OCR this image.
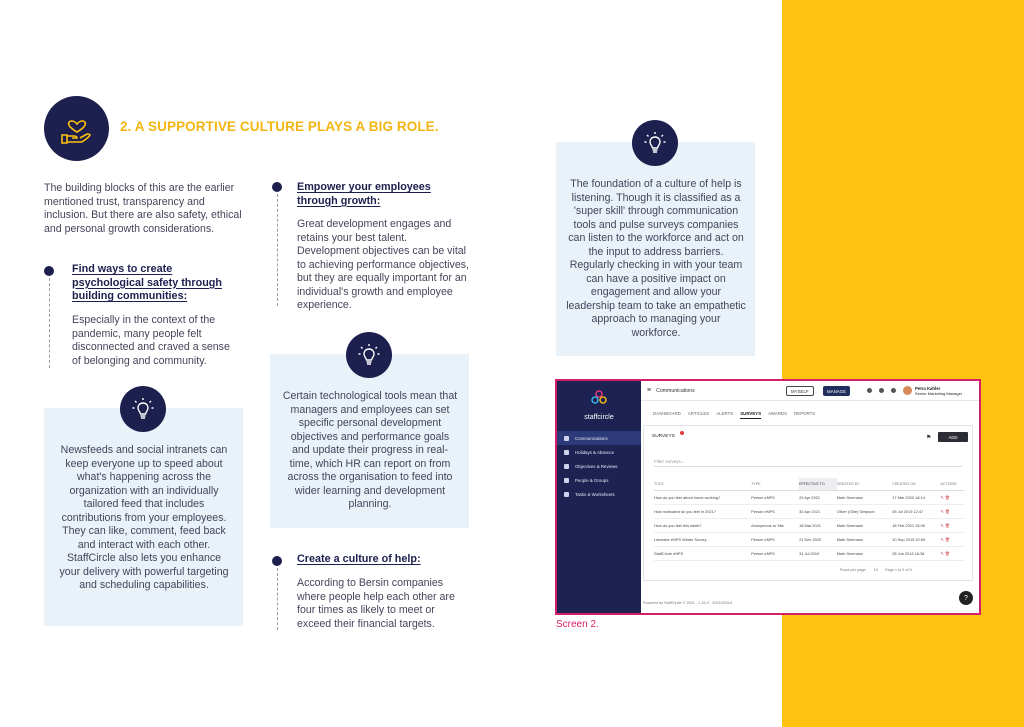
2. A SUPPORTIVE CULTURE PLAYS A BIG ROLE.
The building blocks of this are the earlier mentioned trust, transparency and inclusion. But there are also safety, ethical and personal growth considerations.
Find ways to create psychological safety through building communities:
Especially in the context of the pandemic, many people felt disconnected and craved a sense of belonging and community.
Empower your employees through growth:
Great development engages and retains your best talent. Development objectives can be vital to achieving performance objectives, but they are equally important for an individual's growth and employee experience.
Newsfeeds and social intranets can keep everyone up to speed about what's happening across the organization with an individually tailored feed that includes contributions from your employees. They can like, comment, feed back and interact with each other. StaffCircle also lets you enhance your delivery with powerful targeting and scheduling capabilities.
Certain technological tools mean that managers and employees can set specific personal development objectives and performance goals and update their progress in real-time, which HR can report on from across the organisation to feed into wider learning and development planning.
Create a culture of help:
According to Bersin companies where people help each other are four times as likely to meet or exceed their financial targets.
The foundation of a culture of help is listening. Though it is classified as a 'super skill' through communication tools and pulse surveys companies can listen to the workforce and act on the input to address barriers. Regularly checking in with your team can have a positive impact on engagement and allow your leadership team to take an empathetic approach to managing your workforce.
staffcircle
Communications
Holidays & Absence
Objectives & Reviews
People & Groups
Tasks & Worksheets
≡ Communications	MYSELF	MANAGE	Petra Kahler
Senior Marketing Manager
DASHBOARD ARTICLES ALERTS SURVEYS AWARDS REPORTS
SURVEYS	⚑	ADD
Filter surveys...
TITLE	TYPE	EFFECTIVE TO	CREATED BY	CREATED ON	ACTIONS
How do you feel about home working?	Person eNPS	20 Apr 2021	Mark Seemann	17 Mar 2020 18:14	✎ 🗑
How motivated do you feel in 2021?	Person eNPS	30 Apr 2021	Oliver (Ollie) Simpson	05 Jul 2019 12:47	✎ 🗑
How do you feel this week?	Anonymous to Site	18 Mar 2021	Mark Seemann	18 Feb 2021 15:00	✎ 🗑
Leicester eNPS Winter Survey	Person eNPS	21 Dec 2020	Mark Seemann	10 Sep 2019 10:59	✎ 🗑
StaffCircle eNPS	Person eNPS	31 Jul 2019	Mark Seemann	28 Jun 2019 16:38	✎ 🗑
Rows per page: 10 Page 1 to 5 of 5
Powered by StaffCircle © 2021 - 1.16.0 - 20210315.6
?
Screen 2.
